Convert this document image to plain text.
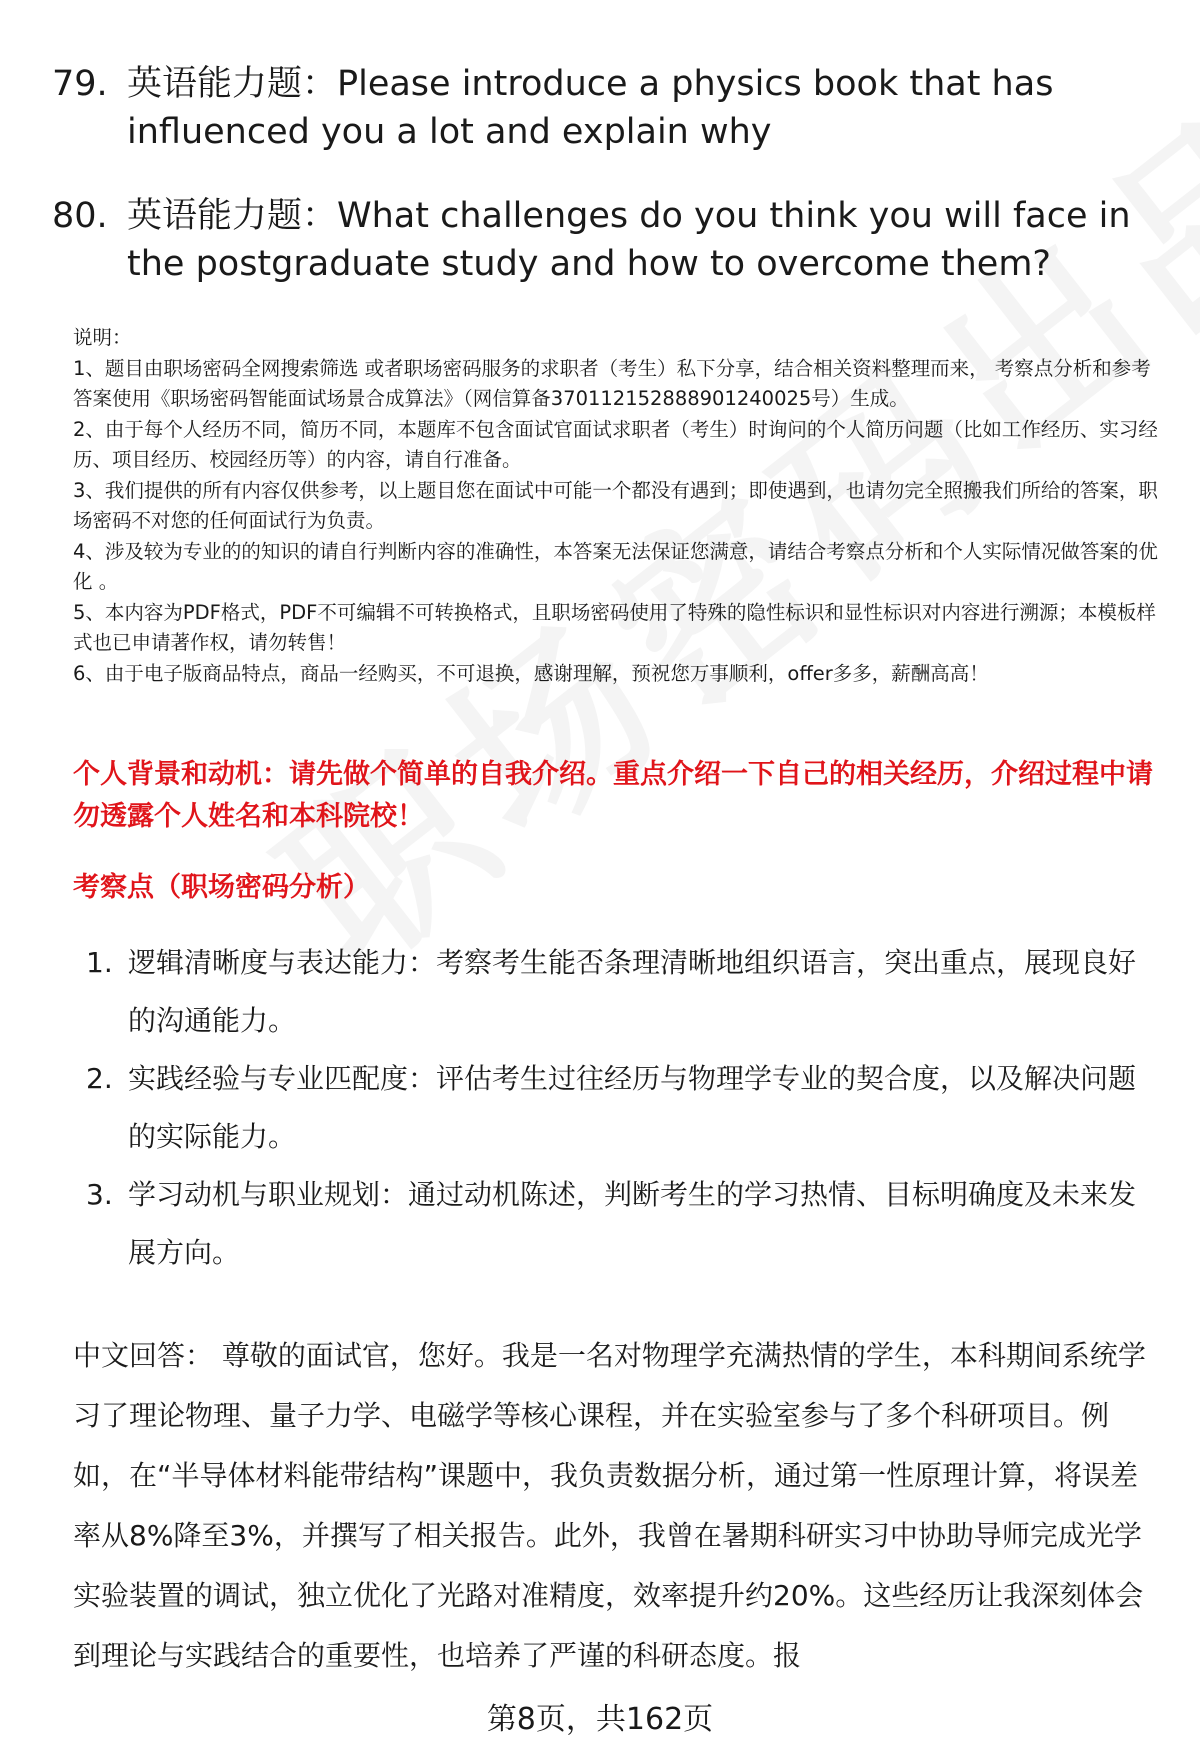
79. 英语能力题：Please introduce a physics book that has influenced you a lot and explain why
80. 英语能力题：What challenges do you think you will face in the postgraduate study and how to overcome them?

说明：

1、题目由职场密码全网搜索筛选 或者职场密码服务的求职者（考生）私下分享，结合相关资料整理而来， 考察点分析和参考答案使用《职场密码智能面试场景合成算法》（网信算备370112152888901240025号）生成。

2、由于每个人经历不同，简历不同，本题库不包含面试官面试求职者（考生）时询问的个人简历问题（比如工作经历、实习经历、项目经历、校园经历等）的内容，请自行准备。

3、我们提供的所有内容仅供参考，以上题目您在面试中可能一个都没有遇到；即使遇到，也请勿完全照搬我们所给的答案，职场密码不对您的任何面试行为负责。

4、涉及较为专业的的知识的请自行判断内容的准确性，本答案无法保证您满意，请结合考察点分析和个人实际情况做答案的优化 。

5、本内容为PDF格式，PDF不可编辑不可转换格式，且职场密码使用了特殊的隐性标识和显性标识对内容进行溯源；本模板样式也已申请著作权，请勿转售！

6、由于电子版商品特点，商品一经购买，不可退换，感谢理解，预祝您万事顺利，offer多多，薪酬高高！

个人背景和动机：请先做个简单的自我介绍。重点介绍一下自己的相关经历，介绍过程中请勿透露个人姓名和本科院校！
考察点（职场密码分析）
1. 逻辑清晰度与表达能力：考察考生能否条理清晰地组织语言，突出重点，展现良好的沟通能力。
2. 实践经验与专业匹配度：评估考生过往经历与物理学专业的契合度，以及解决问题的实际能力。
3. 学习动机与职业规划：通过动机陈述，判断考生的学习热情、目标明确度及未来发展方向。

中文回答： 尊敬的面试官，您好。我是一名对物理学充满热情的学生，本科期间系统学习了理论物理、量子力学、电磁学等核心课程，并在实验室参与了多个科研项目。例如，在“半导体材料能带结构”课题中，我负责数据分析，通过第一性原理计算，将误差率从8%降至3%，并撰写了相关报告。此外，我曾在暑期科研实习中协助导师完成光学实验装置的调试，独立优化了光路对准精度，效率提升约20%。这些经历让我深刻体会到理论与实践结合的重要性，也培养了严谨的科研态度。报

第8页，共162页
